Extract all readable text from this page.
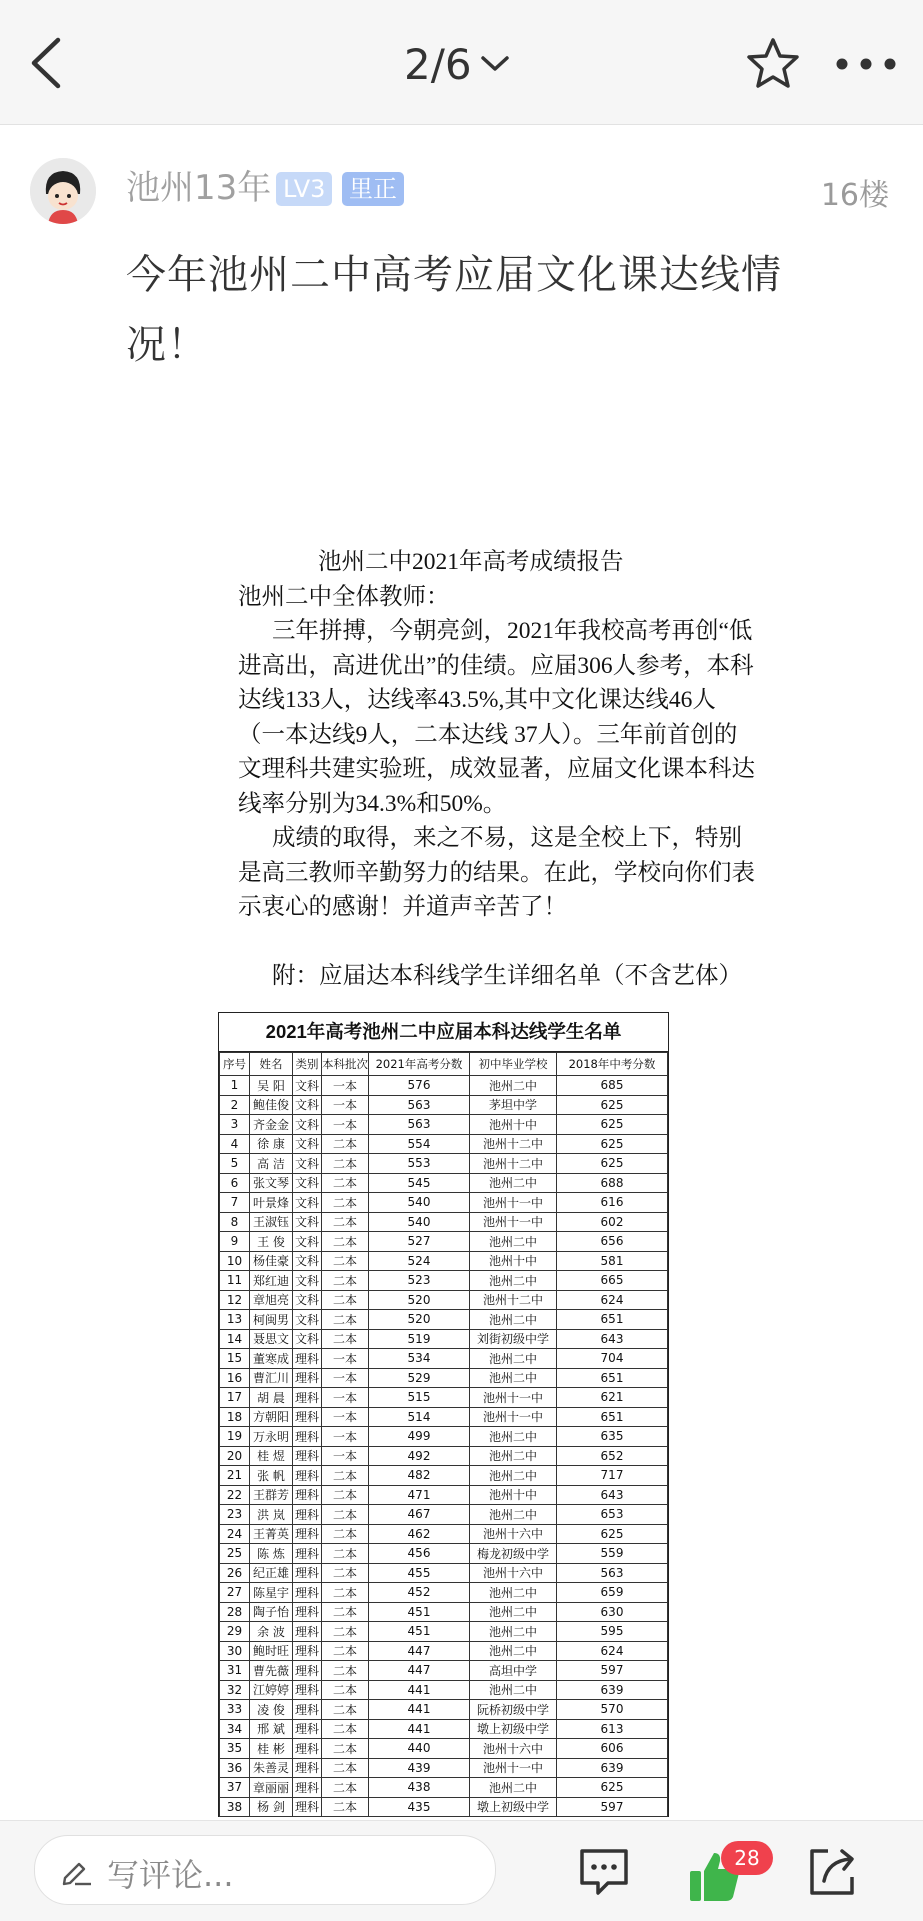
2/6
池州13年 LV3 里正	16楼
今年池州二中高考应届文化课达线情况！

池州二中2021年高考成绩报告

池州二中全体教师：

三年拼搏，今朝亮剑，2021年我校高考再创“低进高出，高进优出”的佳绩。应届306人参考，本科达线133人，达线率43.5%,其中文化课达线46人（一本达线9人，二本达线 37人）。三年前首创的文理科共建实验班，成效显著，应届文化课本科达线率分别为34.3%和50%。

成绩的取得，来之不易，这是全校上下，特别是高三教师辛勤努力的结果。在此，学校向你们表示衷心的感谢！并道声辛苦了！

附：应届达本科线学生详细名单（不含艺体）

2021年高考池州二中应届本科达线学生名单
序号	姓名	类别	本科批次	2021年高考分数	初中毕业学校	2018年中考分数
1	吴 阳	文科	一本	576	池州二中	685
2	鲍佳俊	文科	一本	563	茅坦中学	625
3	齐金金	文科	一本	563	池州十中	625
4	徐 康	文科	二本	554	池州十二中	625
5	高 洁	文科	二本	553	池州十二中	625
6	张文琴	文科	二本	545	池州二中	688
7	叶景烽	文科	二本	540	池州十一中	616
8	王淑钰	文科	二本	540	池州十一中	602
9	王 俊	文科	二本	527	池州二中	656
10	杨佳豪	文科	二本	524	池州十中	581
11	郑红迪	文科	二本	523	池州二中	665
12	章旭亮	文科	二本	520	池州十二中	624
13	柯闽男	文科	二本	520	池州二中	651
14	聂思文	文科	二本	519	刘街初级中学	643
15	董寒成	理科	一本	534	池州二中	704
16	曹汇川	理科	一本	529	池州二中	651
17	胡 晨	理科	一本	515	池州十一中	621
18	方朝阳	理科	一本	514	池州十一中	651
19	万永明	理科	一本	499	池州二中	635
20	桂 煜	理科	一本	492	池州二中	652
21	张 帆	理科	二本	482	池州二中	717
22	王群芳	理科	二本	471	池州十中	643
23	洪 岚	理科	二本	467	池州二中	653
24	王菁英	理科	二本	462	池州十六中	625
25	陈 炼	理科	二本	456	梅龙初级中学	559
26	纪正雄	理科	二本	455	池州十六中	563
27	陈星宇	理科	二本	452	池州二中	659
28	陶子怡	理科	二本	451	池州二中	630
29	余 波	理科	二本	451	池州二中	595
30	鲍时旺	理科	二本	447	池州二中	624
31	曹先薇	理科	二本	447	高坦中学	597
32	江婷婷	理科	二本	441	池州二中	639
33	凌 俊	理科	二本	441	阮桥初级中学	570
34	邢 斌	理科	二本	441	墩上初级中学	613
35	桂 彬	理科	二本	440	池州十六中	606
36	朱善灵	理科	二本	439	池州十一中	639
37	章丽丽	理科	二本	438	池州二中	625
38	杨 剑	理科	二本	435	墩上初级中学	597
写评论...	28
